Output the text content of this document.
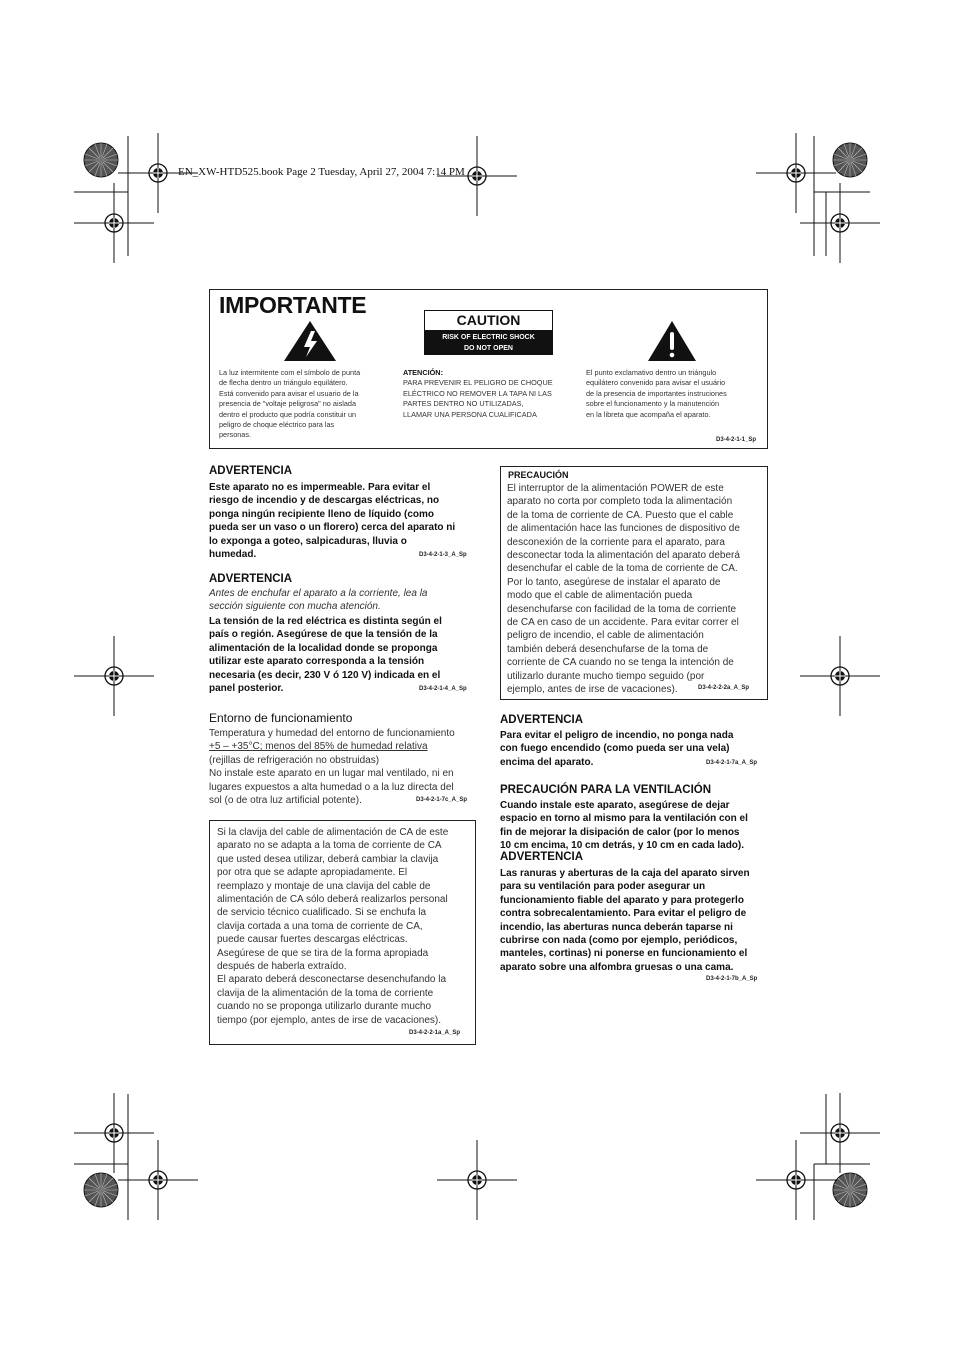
EN_XW-HTD525.book Page 2 Tuesday, April 27, 2004 7:14 PM
IMPORTANTE
CAUTION
RISK OF ELECTRIC SHOCK
DO NOT OPEN
La luz intermitente com el símbolo de punta
de flecha dentro un triángulo equilátero.
Está convenido para avisar el usuario de la
presencia de "voltaje peligrosa" no aislada
dentro el producto que podría constituir un
peligro de choque eléctrico para las
personas.
ATENCIÓN:
PARA PREVENIR EL PELIGRO DE CHOQUE
ELÉCTRICO NO REMOVER LA TAPA NI LAS
PARTES DENTRO NO UTILIZADAS,
LLAMAR UNA PERSONA CUALIFICADA
El punto exclamativo dentro un triángulo
equilátero convenido para avisar el usuário
de la presencia de importantes instruciones
sobre el funcionamento y la manutención
en la libreta que acompaña el aparato.
D3-4-2-1-1_Sp
ADVERTENCIA
Este aparato no es impermeable. Para evitar el
riesgo de incendio y de descargas eléctricas, no
ponga ningún recipiente lleno de líquido (como
pueda ser un vaso o un florero) cerca del aparato ni
lo exponga a goteo, salpicaduras, lluvia o
humedad.	D3-4-2-1-3_A_Sp
ADVERTENCIA
Antes de enchufar el aparato a la corriente, lea la
sección siguiente con mucha atención.
La tensión de la red eléctrica es distinta según el
país o región. Asegúrese de que la tensión de la
alimentación de la localidad donde se proponga
utilizar este aparato corresponda a la tensión
necesaria (es decir, 230 V ó 120 V) indicada en el
panel posterior.	D3-4-2-1-4_A_Sp
Entorno de funcionamiento
Temperatura y humedad del entorno de funcionamiento
+5 – +35°C; menos del 85% de humedad relativa
(rejillas de refrigeración no obstruidas)
No instale este aparato en un lugar mal ventilado, ni en
lugares expuestos a alta humedad o a la luz directa del
sol (o de otra luz artificial potente).	D3-4-2-1-7c_A_Sp
Si la clavija del cable de alimentación de CA de este
aparato no se adapta a la toma de corriente de CA
que usted desea utilizar, deberá cambiar la clavija
por otra que se adapte apropiadamente. El
reemplazo y montaje de una clavija del cable de
alimentación de CA sólo deberá realizarlos personal
de servicio técnico cualificado. Si se enchufa la
clavija cortada a una toma de corriente de CA,
puede causar fuertes descargas eléctricas.
Asegúrese de que se tira de la forma apropiada
después de haberla extraído.
El aparato deberá desconectarse desenchufando la
clavija de la alimentación de la toma de corriente
cuando no se proponga utilizarlo durante mucho
tiempo (por ejemplo, antes de irse de vacaciones).
D3-4-2-2-1a_A_Sp
PRECAUCIÓN
El interruptor de la alimentación POWER de este
aparato no corta por completo toda la alimentación
de la toma de corriente de CA. Puesto que el cable
de alimentación hace las funciones de dispositivo de
desconexión de la corriente para el aparato, para
desconectar toda la alimentación del aparato deberá
desenchufar el cable de la toma de corriente de CA.
Por lo tanto, asegúrese de instalar el aparato de
modo que el cable de alimentación pueda
desenchufarse con facilidad de la toma de corriente
de CA en caso de un accidente. Para evitar correr el
peligro de incendio, el cable de alimentación
también deberá desenchufarse de la toma de
corriente de CA cuando no se tenga la intención de
utilizarlo durante mucho tiempo seguido (por
ejemplo, antes de irse de vacaciones).	D3-4-2-2-2a_A_Sp
ADVERTENCIA
Para evitar el peligro de incendio, no ponga nada
con fuego encendido (como pueda ser una vela)
encima del aparato.	D3-4-2-1-7a_A_Sp
PRECAUCIÓN PARA LA VENTILACIÓN
Cuando instale este aparato, asegúrese de dejar
espacio en torno al mismo para la ventilación con el
fin de mejorar la disipación de calor (por lo menos
10 cm encima, 10 cm detrás, y 10 cm en cada lado).
ADVERTENCIA
Las ranuras y aberturas de la caja del aparato sirven
para su ventilación para poder asegurar un
funcionamiento fiable del aparato y para protegerlo
contra sobrecalentamiento. Para evitar el peligro de
incendio, las aberturas nunca deberán taparse ni
cubrirse con nada (como por ejemplo, periódicos,
manteles, cortinas) ni ponerse en funcionamiento el
aparato sobre una alfombra gruesas o una cama.
D3-4-2-1-7b_A_Sp
